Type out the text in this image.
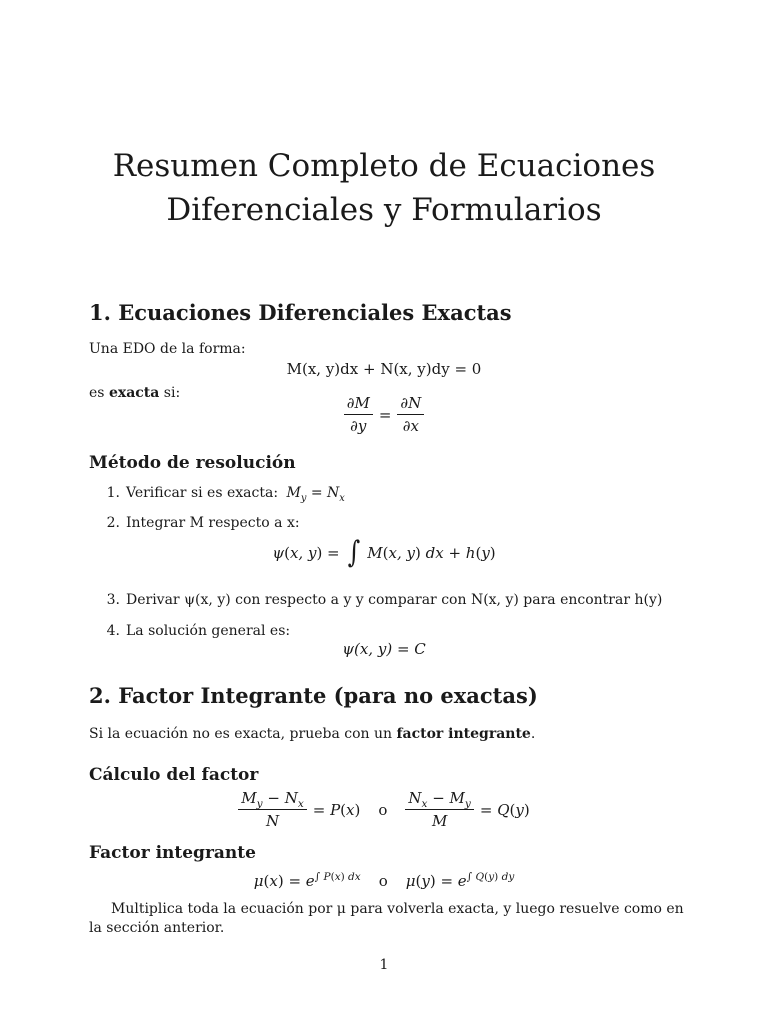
Resumen Completo de Ecuaciones
Diferenciales y Formularios
1. Ecuaciones Diferenciales Exactas
Una EDO de la forma:
M(x, y)dx + N(x, y)dy = 0
es exacta si:
$\frac{\partial M}{\partial y} = \frac{\partial N}{\partial x}$
Método de resolución
1. Verificar si es exacta: $M_y = N_x$
2. Integrar M respecto a x:
ψ(x, y) = ∫ M(x, y) dx + h(y)
3. Derivar ψ(x, y) con respecto a y y comparar con N(x, y) para encontrar h(y)
4. La solución general es:
ψ(x, y) = C
2. Factor Integrante (para no exactas)
Si la ecuación no es exacta, prueba con un factor integrante.
Cálculo del factor
$\frac{M_y - N_x}{N} = P(x)$ o $\frac{N_x - M_y}{M} = Q(y)$
Factor integrante
$\mu(x) = e^{\int P(x) dx}$ o $\mu(y) = e^{\int Q(y) dy}$
Multiplica toda la ecuación por μ para volverla exacta, y luego resuelve como en la sección anterior.
1
